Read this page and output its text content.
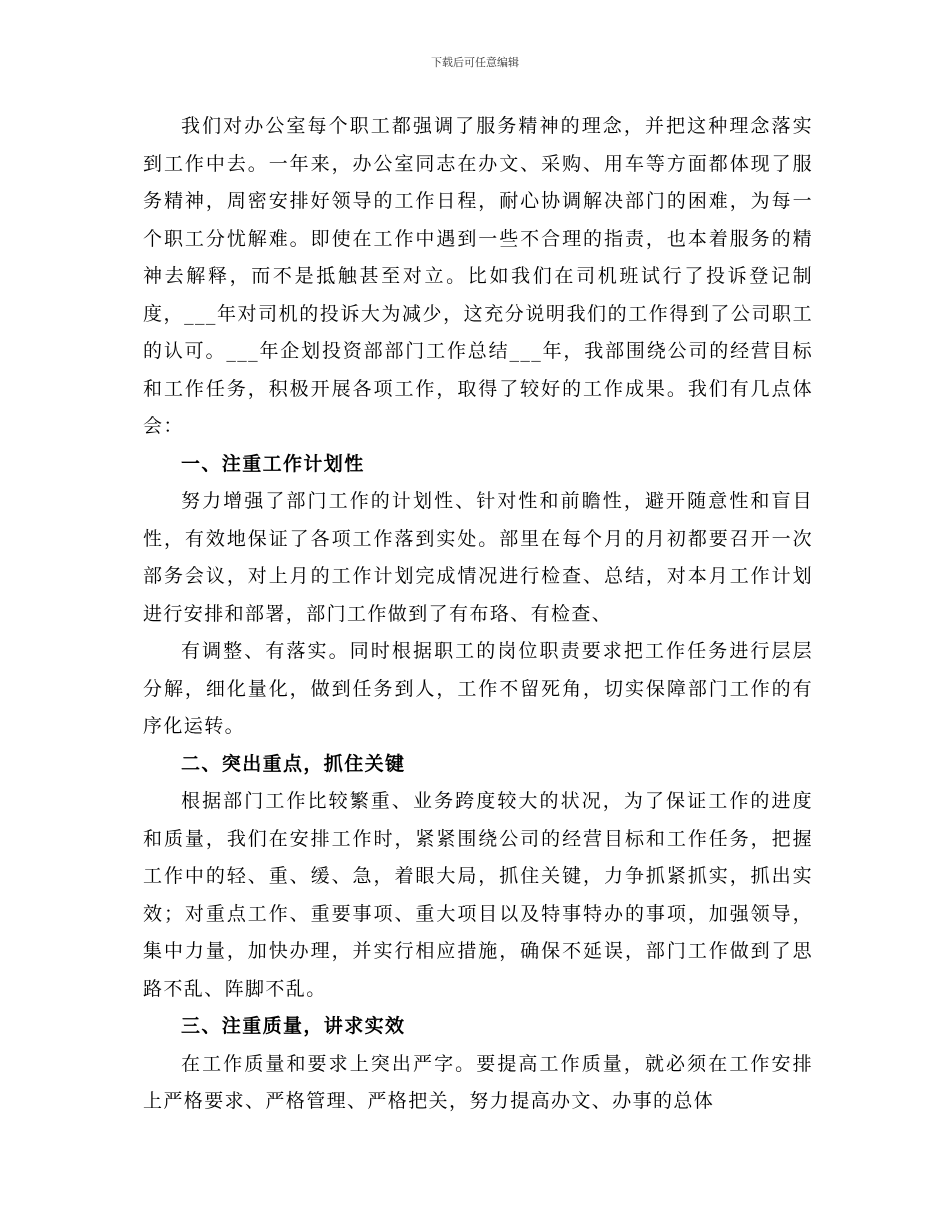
下载后可任意编辑

我们对办公室每个职工都强调了服务精神的理念，并把这种理念落实到工作中去。一年来，办公室同志在办文、采购、用车等方面都体现了服务精神，周密安排好领导的工作日程，耐心协调解决部门的困难，为每一个职工分忧解难。即使在工作中遇到一些不合理的指责，也本着服务的精神去解释，而不是抵触甚至对立。比如我们在司机班试行了投诉登记制度，___年对司机的投诉大为减少，这充分说明我们的工作得到了公司职工的认可。___年企划投资部部门工作总结___年，我部围绕公司的经营目标和工作任务，积极开展各项工作，取得了较好的工作成果。我们有几点体会：

一、注重工作计划性

努力增强了部门工作的计划性、针对性和前瞻性，避开随意性和盲目性，有效地保证了各项工作落到实处。部里在每个月的月初都要召开一次部务会议，对上月的工作计划完成情况进行检查、总结，对本月工作计划进行安排和部署，部门工作做到了有布珞、有检查、

有调整、有落实。同时根据职工的岗位职责要求把工作任务进行层层分解，细化量化，做到任务到人，工作不留死角，切实保障部门工作的有序化运转。

二、突出重点，抓住关键

根据部门工作比较繁重、业务跨度较大的状况，为了保证工作的进度和质量，我们在安排工作时，紧紧围绕公司的经营目标和工作任务，把握工作中的轻、重、缓、急，着眼大局，抓住关键，力争抓紧抓实，抓出实效；对重点工作、重要事项、重大项目以及特事特办的事项，加强领导，集中力量，加快办理，并实行相应措施，确保不延误，部门工作做到了思路不乱、阵脚不乱。

三、注重质量，讲求实效

在工作质量和要求上突出严字。要提高工作质量，就必须在工作安排上严格要求、严格管理、严格把关，努力提高办文、办事的总体
